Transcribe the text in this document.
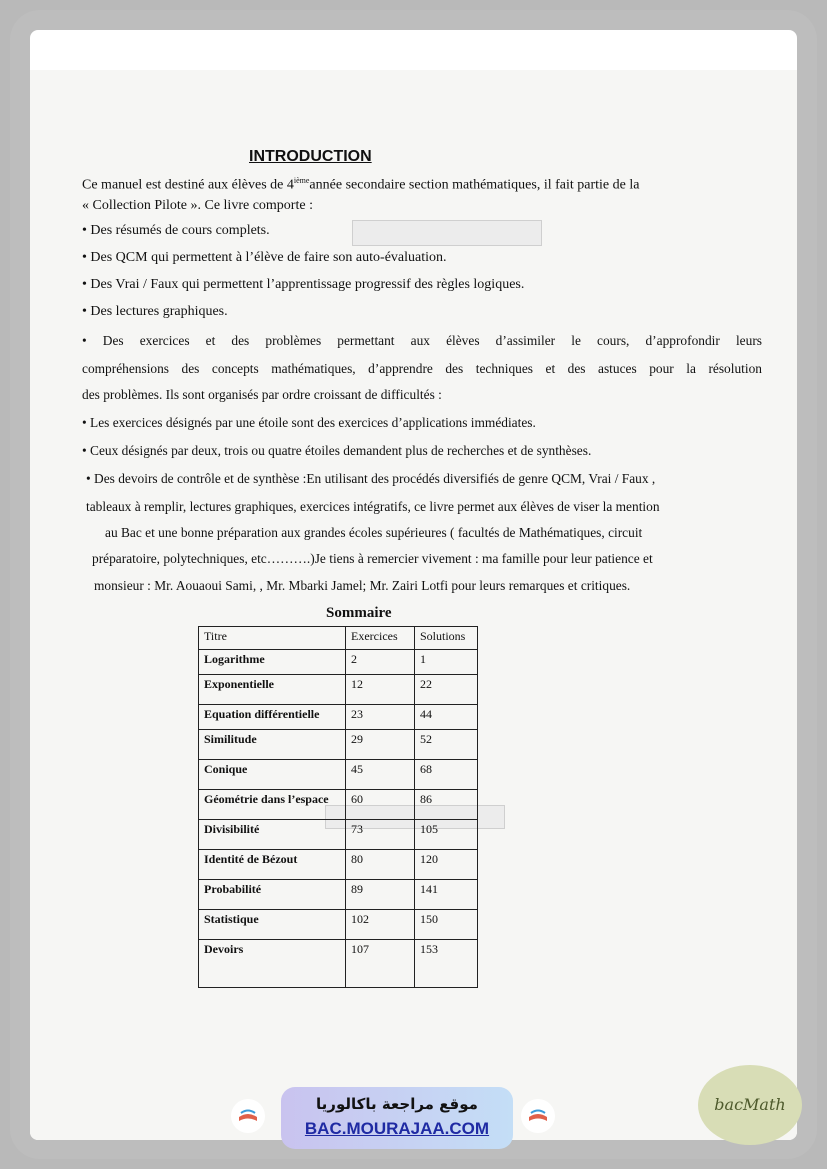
INTRODUCTION
Ce manuel est destiné aux élèves de 4ièmeannée secondaire section mathématiques, il fait partie de la
« Collection Pilote ». Ce livre comporte :
• Des résumés de cours complets.
• Des QCM qui permettent à l’élève de faire son auto-évaluation.
• Des Vrai / Faux qui permettent l’apprentissage progressif des règles logiques.
• Des lectures graphiques.
• Des exercices et des problèmes permettant aux élèves d’assimiler le cours, d’approfondir leurs
compréhensions des concepts mathématiques, d’apprendre des techniques et des astuces pour la résolution
des problèmes. Ils sont organisés par ordre croissant de difficultés :
• Les exercices désignés par une étoile sont des exercices d’applications immédiates.
• Ceux désignés par deux, trois ou quatre étoiles demandent plus de recherches et de synthèses.
• Des devoirs de contrôle et de synthèse :En utilisant des procédés diversifiés de genre QCM, Vrai / Faux ,
tableaux à remplir, lectures graphiques, exercices intégratifs, ce livre permet aux élèves de viser la mention
au Bac et une bonne préparation aux grandes écoles supérieures ( facultés de Mathématiques, circuit
préparatoire, polytechniques, etc……….)Je tiens à remercier vivement : ma famille pour leur patience et
monsieur : Mr. Aouaoui Sami, , Mr. Mbarki Jamel; Mr. Zairi Lotfi pour leurs remarques et critiques.
Sommaire
Titre	Exercices	Solutions
Logarithme	2	1
Exponentielle	12	22
Equation différentielle	23	44
Similitude	29	52
Conique	45	68
Géométrie dans l’espace	60	86
Divisibilité	73	105
Identité de Bézout	80	120
Probabilité	89	141
Statistique	102	150
Devoirs	107	153
موقع مراجعة باكالوريا
BAC.MOURAJAA.COM
bacMath
